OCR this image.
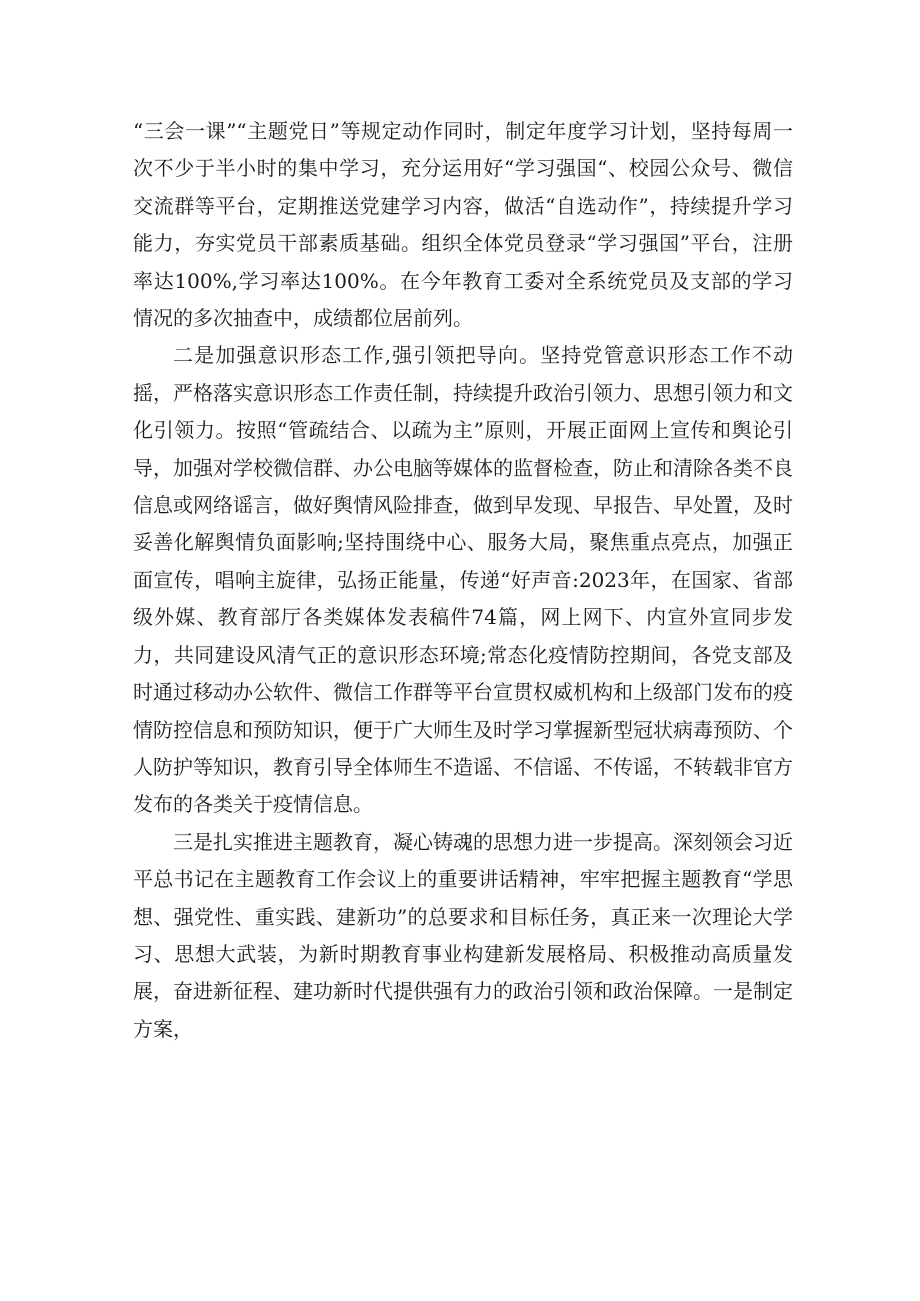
“三会一课”“主题党日”等规定动作同时，制定年度学习计划，坚持每周一次不少于半小时的集中学习，充分运用好“学习强国“、校园公众号、微信交流群等平台，定期推送党建学习内容，做活“自选动作”，持续提升学习能力，夯实党员干部素质基础。组织全体党员登录“学习强国”平台，注册率达100%,学习率达100%。在今年教育工委对全系统党员及支部的学习情况的多次抽查中，成绩都位居前列。

二是加强意识形态工作,强引领把导向。坚持党管意识形态工作不动摇，严格落实意识形态工作责任制，持续提升政治引领力、思想引领力和文化引领力。按照“管疏结合、以疏为主”原则，开展正面网上宣传和舆论引导，加强对学校微信群、办公电脑等媒体的监督检查，防止和清除各类不良信息或网络谣言，做好舆情风险排查，做到早发现、早报告、早处置，及时妥善化解舆情负面影响;坚持围绕中心、服务大局，聚焦重点亮点，加强正面宣传，唱响主旋律，弘扬正能量，传递“好声音:2023年，在国家、省部级外媒、教育部厅各类媒体发表稿件74篇，网上网下、内宣外宣同步发力，共同建设风清气正的意识形态环境;常态化疫情防控期间，各党支部及时通过移动办公软件、微信工作群等平台宣贯权威机构和上级部门发布的疫情防控信息和预防知识，便于广大师生及时学习掌握新型冠状病毒预防、个人防护等知识，教育引导全体师生不造谣、不信谣、不传谣，不转载非官方发布的各类关于疫情信息。

三是扎实推进主题教育，凝心铸魂的思想力进一步提高。深刻领会习近平总书记在主题教育工作会议上的重要讲话精神，牢牢把握主题教育“学思想、强党性、重实践、建新功”的总要求和目标任务，真正来一次理论大学习、思想大武装，为新时期教育事业构建新发展格局、积极推动高质量发展，奋进新征程、建功新时代提供强有力的政治引领和政治保障。一是制定方案，
